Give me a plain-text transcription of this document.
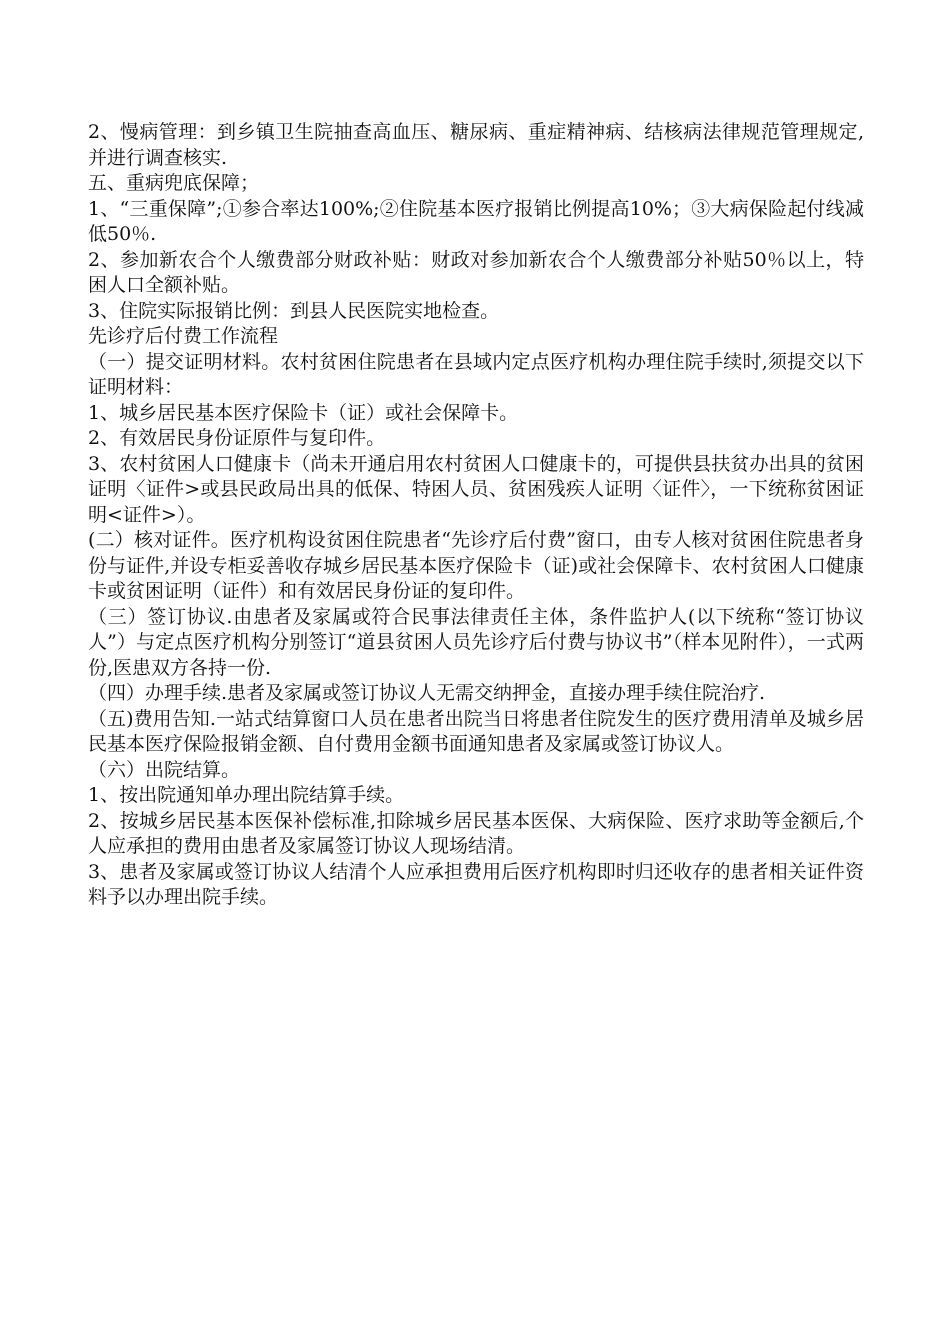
2、慢病管理：到乡镇卫生院抽查高血压、糖尿病、重症精神病、结核病法律规范管理规定,并进行调查核实.

五、重病兜底保障；

1、“三重保障”;①参合率达100%;②住院基本医疗报销比例提高10%；③大病保险起付线减低50％.

2、参加新农合个人缴费部分财政补贴：财政对参加新农合个人缴费部分补贴50％以上，特困人口全额补贴。

3、住院实际报销比例：到县人民医院实地检查。

先诊疗后付费工作流程

（一）提交证明材料。农村贫困住院患者在县域内定点医疗机构办理住院手续时,须提交以下证明材料：

1、城乡居民基本医疗保险卡（证）或社会保障卡。

2、有效居民身份证原件与复印件。

3、农村贫困人口健康卡（尚未开通启用农村贫困人口健康卡的，可提供县扶贫办出具的贫困证明〈证件>或县民政局出具的低保、特困人员、贫困残疾人证明〈证件〉，一下统称贫困证明<证件>）。

(二）核对证件。医疗机构设贫困住院患者“先诊疗后付费”窗口，由专人核对贫困住院患者身份与证件,并设专柜妥善收存城乡居民基本医疗保险卡（证)或社会保障卡、农村贫困人口健康卡或贫困证明（证件）和有效居民身份证的复印件。

（三）签订协议.由患者及家属或符合民事法律责任主体，条件监护人(以下统称“签订协议人”）与定点医疗机构分别签订“道县贫困人员先诊疗后付费与协议书”（样本见附件），一式两份,医患双方各持一份.

（四）办理手续.患者及家属或签订协议人无需交纳押金，直接办理手续住院治疗.

（五)费用告知.一站式结算窗口人员在患者出院当日将患者住院发生的医疗费用清单及城乡居民基本医疗保险报销金额、自付费用金额书面通知患者及家属或签订协议人。

（六）出院结算。

1、按出院通知单办理出院结算手续。

2、按城乡居民基本医保补偿标准,扣除城乡居民基本医保、大病保险、医疗求助等金额后,个人应承担的费用由患者及家属签订协议人现场结清。

3、患者及家属或签订协议人结清个人应承担费用后医疗机构即时归还收存的患者相关证件资料予以办理出院手续。
